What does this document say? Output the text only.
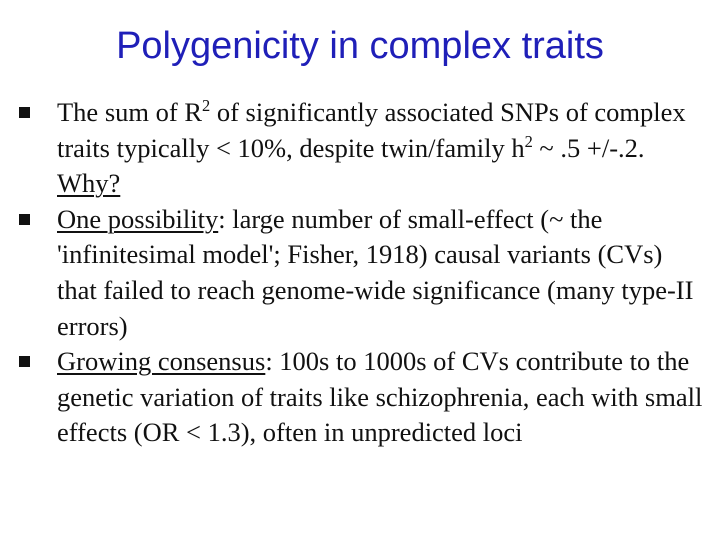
Polygenicity in complex traits
The sum of $R^2$ of significantly associated SNPs of complex traits typically < 10%, despite twin/family $h^2$ ~ .5 +/-.2. Why?
One possibility: large number of small-effect (~ the 'infinitesimal model'; Fisher, 1918) causal variants (CVs) that failed to reach genome-wide significance (many type-II errors)
Growing consensus: 100s to 1000s of CVs contribute to the genetic variation of traits like schizophrenia, each with small effects (OR < 1.3), often in unpredicted loci
